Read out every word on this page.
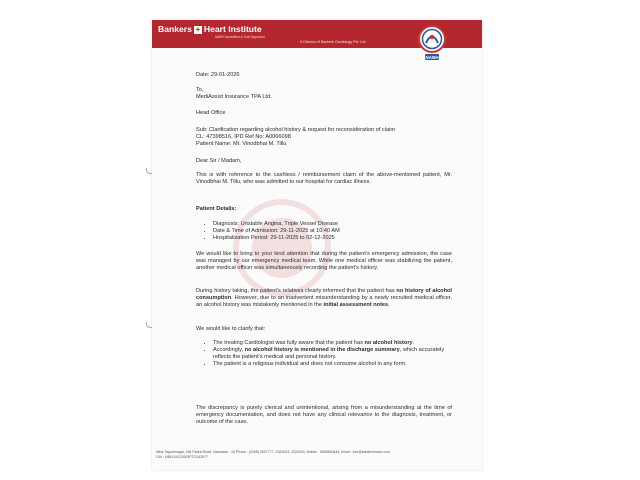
Bankers + Heart Institute
NABH Accredited & Govt Approved
A Division of Bankers Cardiology Pvt. Ltd.
NABH
Date: 29-01-2026

To,

MediAssist Insurance TPA Ltd.

Head Office

Sub: Clarification regarding alcohol history & request for reconsideration of claim

CL: 47398516, IPD Ref No: A0066098

Patient Name: Mr. Vinodbhai M. Tillu

Dear Sir / Madam,
This is with reference to the cashless / reimbursement claim of the above-mentioned patient, Mr. Vinodbhai M. Tillu, who was admitted to our hospital for cardiac illness.
Patient Details:
• Diagnosis: Unstable Angina, Triple Vessel Disease
• Date & Time of Admission: 29-11-2025 at 10:40 AM
• Hospitalization Period: 29-11-2025 to 02-12-2025
We would like to bring to your kind attention that during the patient's emergency admission, the case was managed by our emergency medical team. While one medical officer was stabilizing the patient, another medical officer was simultaneously recording the patient's history.
During history taking, the patient's relatives clearly informed that the patient has no history of alcohol consumption. However, due to an inadvertent misunderstanding by a newly recruited medical officer, an alcohol history was mistakenly mentioned in the initial assessment notes.
We would like to clarify that:
• The treating Cardiologist was fully aware that the patient has no alcohol history.
• Accordingly, no alcohol history is mentioned in the discharge summary, which accurately reflects the patient's medical and personal history.
• The patient is a religious individual and does not consume alcohol in any form.
The discrepancy is purely clerical and unintentional, arising from a misunderstanding at the time of emergency documentation, and does not have any clinical relevance to the diagnosis, treatment, or outcome of the case.
Near Tagorenagar, Old Padra Road, Vadodara - 15 Phone : (0265) 2607777, 2324004, 2320404, Mobile : 9898540444, email : info@bankersheart.com
CIN : U85110GJ2003PTC042677
